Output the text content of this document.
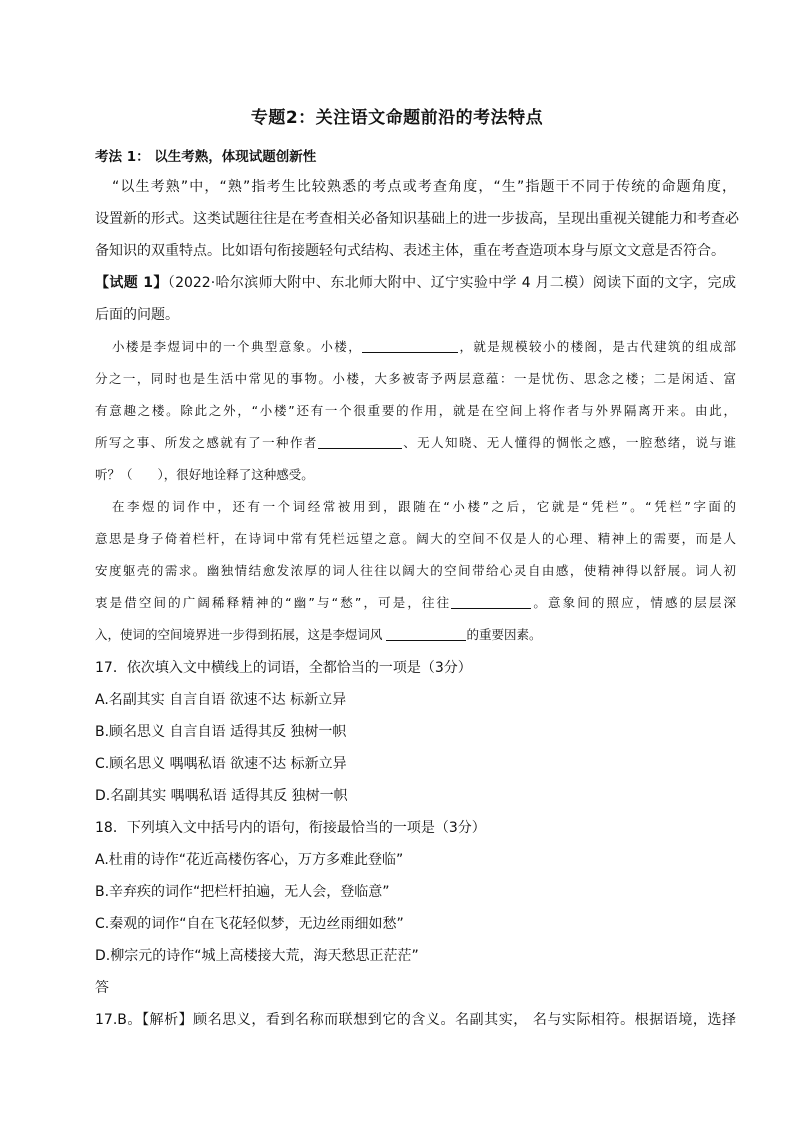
专题2：关注语文命题前沿的考法特点
考法 1： 以生考熟，体现试题创新性
“以生考熟”中，“熟”指考生比较熟悉的考点或考查角度，“生”指题干不同于传统的命题角度，
设置新的形式。这类试题往往是在考查相关必备知识基础上的进一步拔高，呈现出重视关键能力和考查必
备知识的双重特点。比如语句衔接题轻句式结构、表述主体，重在考查造项本身与原文文意是否符合。
【试题 1】（2022·哈尔滨师大附中、东北师大附中、辽宁实验中学 4 月二模）阅读下面的文字，完成
后面的问题。
小楼是李煜词中的一个典型意象。小楼，	，就是规模较小的楼阁，是古代建筑的组成部
分之一，同时也是生活中常见的事物。小楼，大多被寄予两层意蕴：一是忧伤、思念之楼；二是闲适、富
有意趣之楼。除此之外，“小楼”还有一个很重要的作用，就是在空间上将作者与外界隔离开来。由此，
所写之事、所发之感就有了一种作者	、无人知晓、无人懂得的惆怅之感，一腔愁绪，说与谁
听？（　　），很好地诠释了这种感受。
在李煜的词作中，还有一个词经常被用到，跟随在“小楼”之后，它就是“凭栏”。“凭栏”字面的
意思是身子倚着栏杆，在诗词中常有凭栏远望之意。阔大的空间不仅是人的心理、精神上的需要，而是人
安度躯壳的需求。幽独情结愈发浓厚的词人往往以阔大的空间带给心灵自由感，使精神得以舒展。词人初
衷是借空间的广阔稀释精神的“幽”与“愁”，可是，往往	。意象间的照应，情感的层层深
入，使词的空间境界进一步得到拓展，这是李煜词风	的重要因素。
17．依次填入文中横线上的词语，全都恰当的一项是（3分）
A.名副其实 自言自语 欲速不达 标新立异
B.顾名思义 自言自语 适得其反 独树一帜
C.顾名思义 喁喁私语 欲速不达 标新立异
D.名副其实 喁喁私语 适得其反 独树一帜
18．下列填入文中括号内的语句，衔接最恰当的一项是（3分）
A.杜甫的诗作“花近高楼伤客心，万方多难此登临”
B.辛弃疾的词作“把栏杆拍遍，无人会，登临意”
C.秦观的词作“自在飞花轻似梦，无边丝雨细如愁”
D.柳宗元的诗作“城上高楼接大荒，海天愁思正茫茫”
答
17.B。【解析】顾名思义，看到名称而联想到它的含义。名副其实， 名与实际相符。根据语境，选择
